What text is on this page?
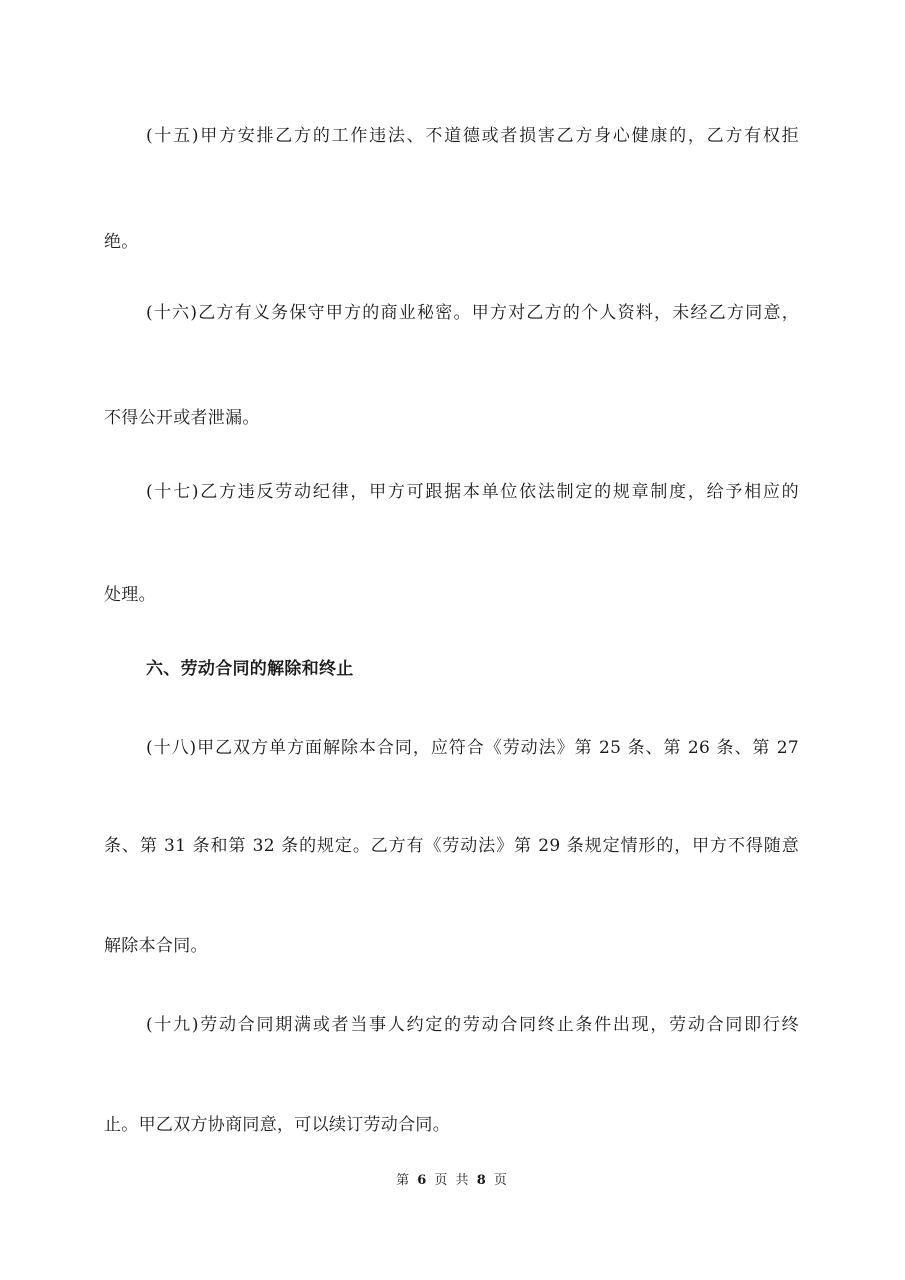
(十五)甲方安排乙方的工作违法、不道德或者损害乙方身心健康的，乙方有权拒
绝。
(十六)乙方有义务保守甲方的商业秘密。甲方对乙方的个人资料，未经乙方同意，
不得公开或者泄漏。
(十七)乙方违反劳动纪律，甲方可跟据本单位依法制定的规章制度，给予相应的
处理。
六、劳动合同的解除和终止
(十八)甲乙双方单方面解除本合同，应符合《劳动法》第 25 条、第 26 条、第 27
条、第 31 条和第 32 条的规定。乙方有《劳动法》第 29 条规定情形的，甲方不得随意
解除本合同。
(十九)劳动合同期满或者当事人约定的劳动合同终止条件出现，劳动合同即行终
止。甲乙双方协商同意，可以续订劳动合同。
第 6 页 共 8 页
